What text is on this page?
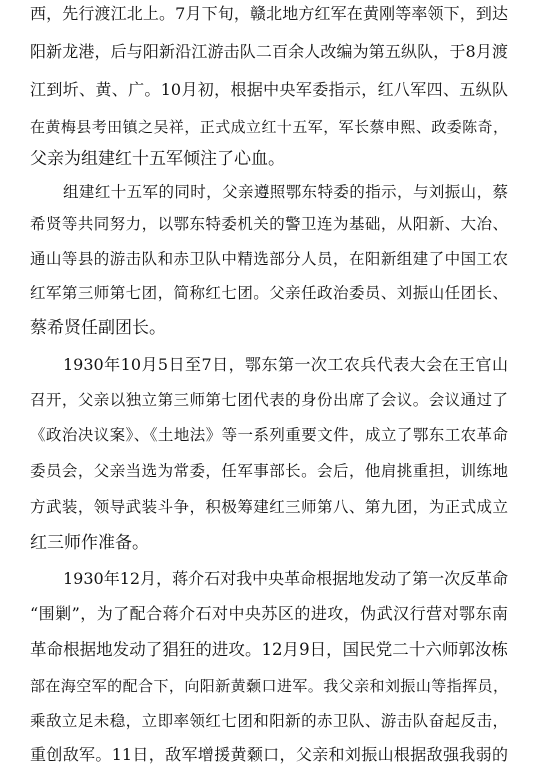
西，先行渡江北上。7月下旬，赣北地方红军在黄刚等率领下，到达
阳新龙港，后与阳新沿江游击队二百余人改编为第五纵队，于8月渡
江到圻、黄、广。10月初，根据中央军委指示，红八军四、五纵队
在黄梅县考田镇之吴祥，正式成立红十五军，军长蔡申熙、政委陈奇，
父亲为组建红十五军倾注了心血。
组建红十五军的同时，父亲遵照鄂东特委的指示，与刘振山，蔡
希贤等共同努力，以鄂东特委机关的警卫连为基础，从阳新、大冶、
通山等县的游击队和赤卫队中精选部分人员，在阳新组建了中国工农
红军第三师第七团，简称红七团。父亲任政治委员、刘振山任团长、
蔡希贤任副团长。
1930年10月5日至7日，鄂东第一次工农兵代表大会在王官山
召开，父亲以独立第三师第七团代表的身份出席了会议。会议通过了
《政治决议案》、《土地法》等一系列重要文件，成立了鄂东工农革命
委员会，父亲当选为常委，任军事部长。会后，他肩挑重担，训练地
方武装，领导武装斗争，积极筹建红三师第八、第九团，为正式成立
红三师作准备。
1930年12月，蒋介石对我中央革命根据地发动了第一次反革命
“围剿”，为了配合蒋介石对中央苏区的进攻，伪武汉行营对鄂东南
革命根据地发动了猖狂的进攻。12月9日，国民党二十六师郭汝栋
部在海空军的配合下，向阳新黄颡口进军。我父亲和刘振山等指挥员，
乘敌立足未稳，立即率领红七团和阳新的赤卫队、游击队奋起反击，
重创敌军。11日，敌军增援黄颡口，父亲和刘振山根据敌强我弱的
